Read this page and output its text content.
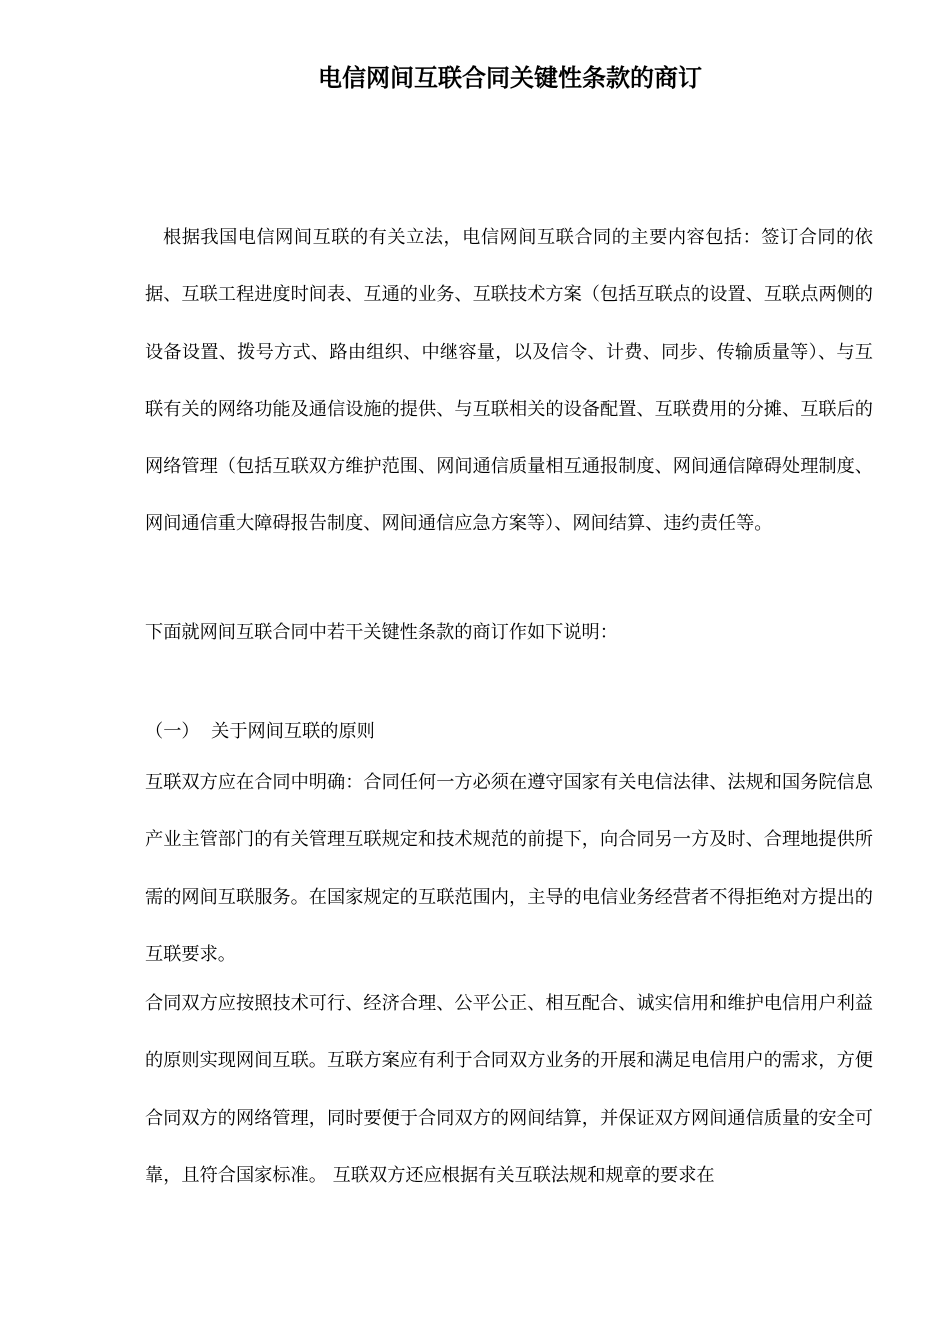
电信网间互联合同关键性条款的商订

根据我国电信网间互联的有关立法，电信网间互联合同的主要内容包括：签订合同的依据、互联工程进度时间表、互通的业务、互联技术方案（包括互联点的设置、互联点两侧的设备设置、拨号方式、路由组织、中继容量，以及信令、计费、同步、传输质量等）、与互联有关的网络功能及通信设施的提供、与互联相关的设备配置、互联费用的分摊、互联后的网络管理（包括互联双方维护范围、网间通信质量相互通报制度、网间通信障碍处理制度、网间通信重大障碍报告制度、网间通信应急方案等）、网间结算、违约责任等。

下面就网间互联合同中若干关键性条款的商订作如下说明：

（一）  关于网间互联的原则

互联双方应在合同中明确：合同任何一方必须在遵守国家有关电信法律、法规和国务院信息产业主管部门的有关管理互联规定和技术规范的前提下，向合同另一方及时、合理地提供所需的网间互联服务。在国家规定的互联范围内，主导的电信业务经营者不得拒绝对方提出的互联要求。

合同双方应按照技术可行、经济合理、公平公正、相互配合、诚实信用和维护电信用户利益的原则实现网间互联。互联方案应有利于合同双方业务的开展和满足电信用户的需求，方便合同双方的网络管理，同时要便于合同双方的网间结算，并保证双方网间通信质量的安全可靠，且符合国家标准。 互联双方还应根据有关互联法规和规章的要求在
